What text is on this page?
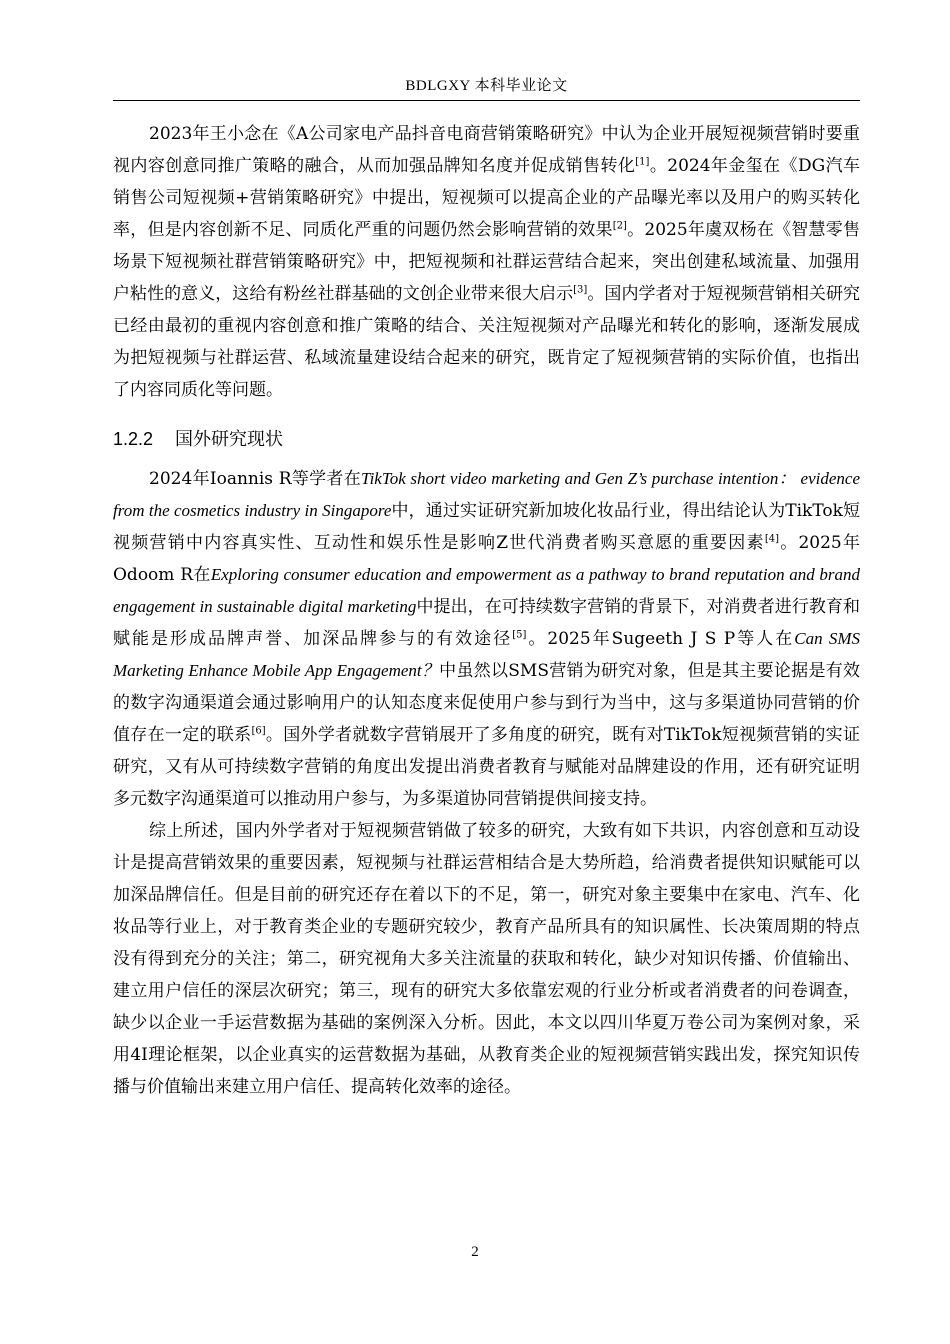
BDLGXY 本科毕业论文

2023年王小念在《A公司家电产品抖音电商营销策略研究》中认为企业开展短视频营销时要重视内容创意同推广策略的融合，从而加强品牌知名度并促成销售转化[1]。2024年金玺在《DG汽车销售公司短视频+营销策略研究》中提出，短视频可以提高企业的产品曝光率以及用户的购买转化率，但是内容创新不足、同质化严重的问题仍然会影响营销的效果[2]。2025年虞双杨在《智慧零售场景下短视频社群营销策略研究》中，把短视频和社群运营结合起来，突出创建私域流量、加强用户粘性的意义，这给有粉丝社群基础的文创企业带来很大启示[3]。国内学者对于短视频营销相关研究已经由最初的重视内容创意和推广策略的结合、关注短视频对产品曝光和转化的影响，逐渐发展成为把短视频与社群运营、私域流量建设结合起来的研究，既肯定了短视频营销的实际价值，也指出了内容同质化等问题。

1.2.2 国外研究现状

2024年Ioannis R等学者在TikTok short video marketing and Gen Z’s purchase intention： evidence from the cosmetics industry in Singapore中，通过实证研究新加坡化妆品行业，得出结论认为TikTok短视频营销中内容真实性、互动性和娱乐性是影响Z世代消费者购买意愿的重要因素[4]。2025年Odoom R在Exploring consumer education and empowerment as a pathway to brand reputation and brand engagement in sustainable digital marketing中提出，在可持续数字营销的背景下，对消费者进行教育和赋能是形成品牌声誉、加深品牌参与的有效途径[5]。2025年Sugeeth J S P等人在Can SMS Marketing Enhance Mobile App Engagement？中虽然以SMS营销为研究对象，但是其主要论据是有效的数字沟通渠道会通过影响用户的认知态度来促使用户参与到行为当中，这与多渠道协同营销的价值存在一定的联系[6]。国外学者就数字营销展开了多角度的研究，既有对TikTok短视频营销的实证研究，又有从可持续数字营销的角度出发提出消费者教育与赋能对品牌建设的作用，还有研究证明多元数字沟通渠道可以推动用户参与，为多渠道协同营销提供间接支持。

综上所述，国内外学者对于短视频营销做了较多的研究，大致有如下共识，内容创意和互动设计是提高营销效果的重要因素，短视频与社群运营相结合是大势所趋，给消费者提供知识赋能可以加深品牌信任。但是目前的研究还存在着以下的不足，第一，研究对象主要集中在家电、汽车、化妆品等行业上，对于教育类企业的专题研究较少，教育产品所具有的知识属性、长决策周期的特点没有得到充分的关注；第二，研究视角大多关注流量的获取和转化，缺少对知识传播、价值输出、建立用户信任的深层次研究；第三，现有的研究大多依靠宏观的行业分析或者消费者的问卷调查，缺少以企业一手运营数据为基础的案例深入分析。因此，本文以四川华夏万卷公司为案例对象，采用4I理论框架，以企业真实的运营数据为基础，从教育类企业的短视频营销实践出发，探究知识传播与价值输出来建立用户信任、提高转化效率的途径。

2
